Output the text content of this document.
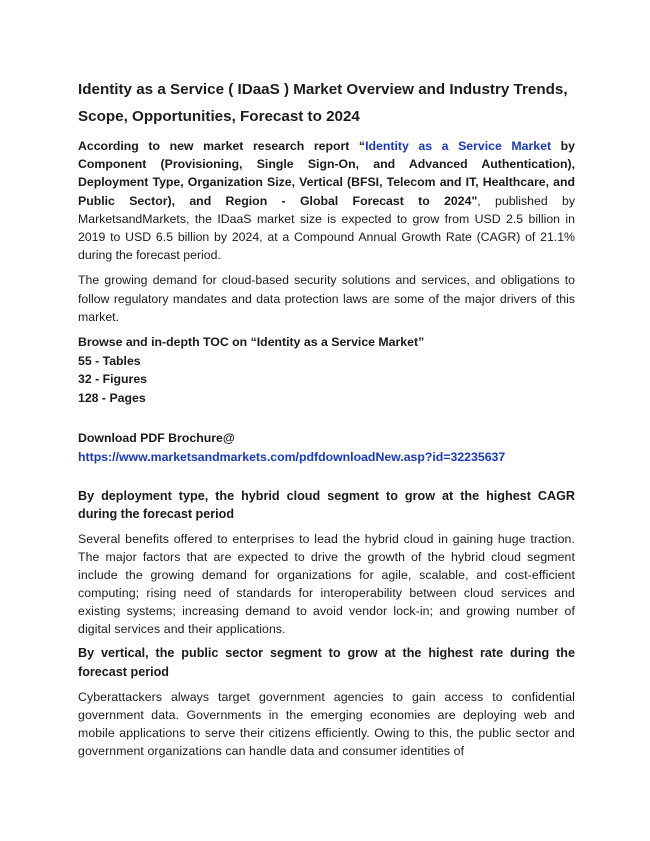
Identity as a Service ( IDaaS ) Market Overview and Industry Trends, Scope, Opportunities, Forecast to 2024

According to new market research report “Identity as a Service Market by Component (Provisioning, Single Sign-On, and Advanced Authentication), Deployment Type, Organization Size, Vertical (BFSI, Telecom and IT, Healthcare, and Public Sector), and Region - Global Forecast to 2024", published by MarketsandMarkets, the IDaaS market size is expected to grow from USD 2.5 billion in 2019 to USD 6.5 billion by 2024, at a Compound Annual Growth Rate (CAGR) of 21.1% during the forecast period.

The growing demand for cloud-based security solutions and services, and obligations to follow regulatory mandates and data protection laws are some of the major drivers of this market.

Browse and in-depth TOC on “Identity as a Service Market”
55 - Tables
32 - Figures
128 - Pages
Download PDF Brochure@
https://www.marketsandmarkets.com/pdfdownloadNew.asp?id=32235637
By deployment type, the hybrid cloud segment to grow at the highest CAGR during the forecast period

Several benefits offered to enterprises to lead the hybrid cloud in gaining huge traction. The major factors that are expected to drive the growth of the hybrid cloud segment include the growing demand for organizations for agile, scalable, and cost-efficient computing; rising need of standards for interoperability between cloud services and existing systems; increasing demand to avoid vendor lock-in; and growing number of digital services and their applications.

By vertical, the public sector segment to grow at the highest rate during the forecast period

Cyberattackers always target government agencies to gain access to confidential government data. Governments in the emerging economies are deploying web and mobile applications to serve their citizens efficiently. Owing to this, the public sector and government organizations can handle data and consumer identities of
